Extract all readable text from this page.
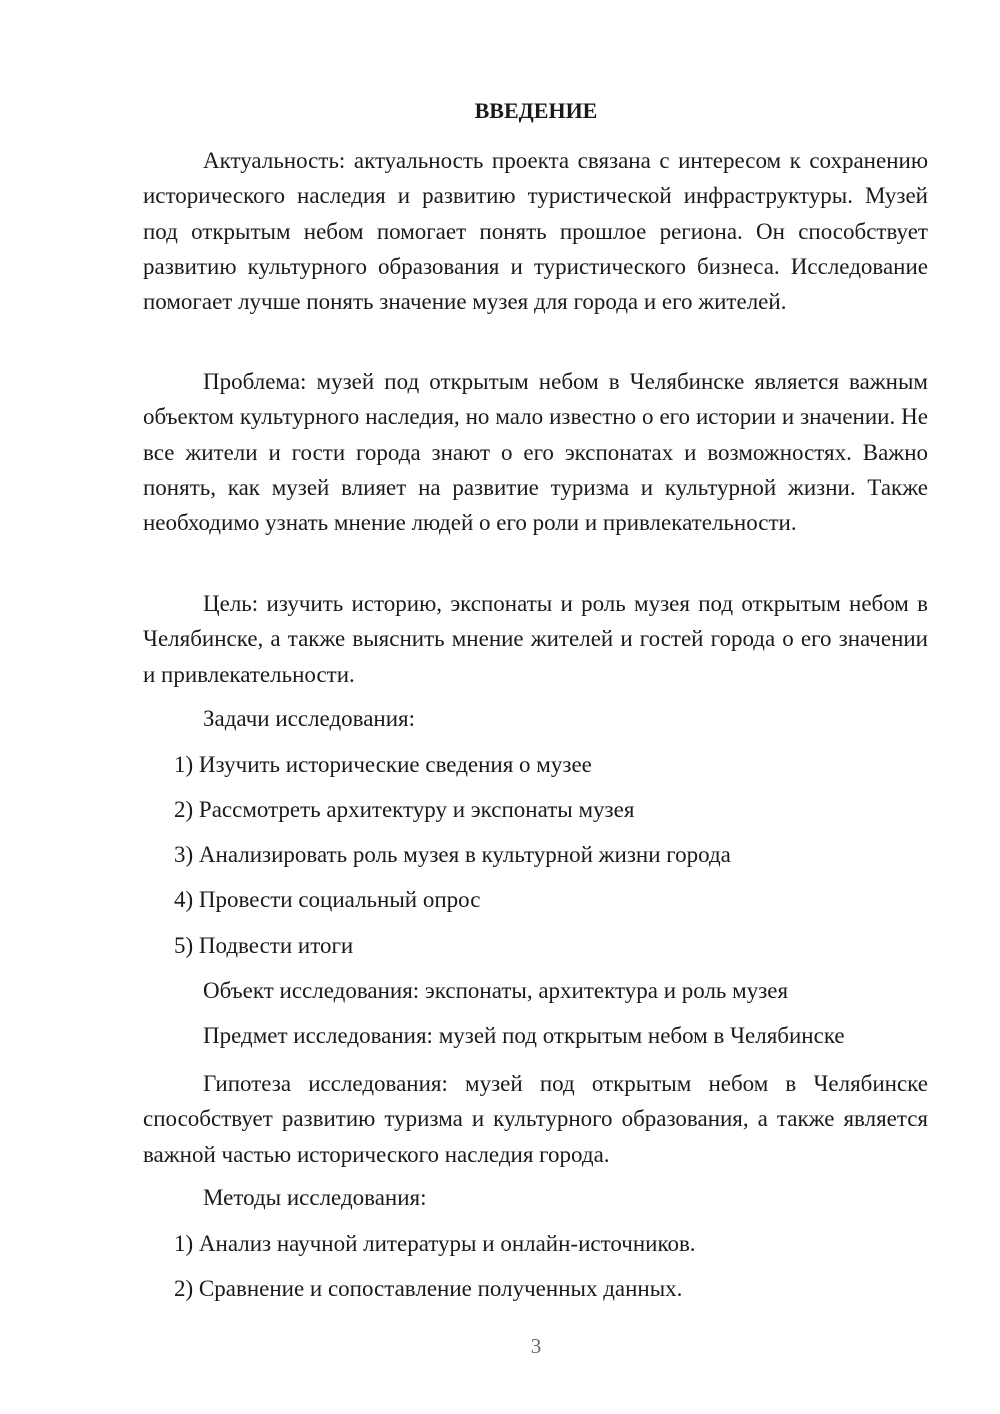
ВВЕДЕНИЕ

Актуальность: актуальность проекта связана с интересом к сохранению исторического наследия и развитию туристической инфраструктуры. Музей под открытым небом помогает понять прошлое региона. Он способствует развитию культурного образования и туристического бизнеса. Исследование помогает лучше понять значение музея для города и его жителей.

Проблема: музей под открытым небом в Челябинске является важным объектом культурного наследия, но мало известно о его истории и значении. Не все жители и гости города знают о его экспонатах и возможностях. Важно понять, как музей влияет на развитие туризма и культурной жизни. Также необходимо узнать мнение людей о его роли и привлекательности.

Цель: изучить историю, экспонаты и роль музея под открытым небом в Челябинске, а также выяснить мнение жителей и гостей города о его значении и привлекательности.

Задачи исследования:

1) Изучить исторические сведения о музее

2) Рассмотреть архитектуру и экспонаты музея

3) Анализировать роль музея в культурной жизни города

4) Провести социальный опрос

5) Подвести итоги

Объект исследования: экспонаты, архитектура и роль музея

Предмет исследования: музей под открытым небом в Челябинске

Гипотеза исследования: музей под открытым небом в Челябинске способствует развитию туризма и культурного образования, а также является важной частью исторического наследия города.

Методы исследования:

1) Анализ научной литературы и онлайн-источников.

2) Сравнение и сопоставление полученных данных.

3
